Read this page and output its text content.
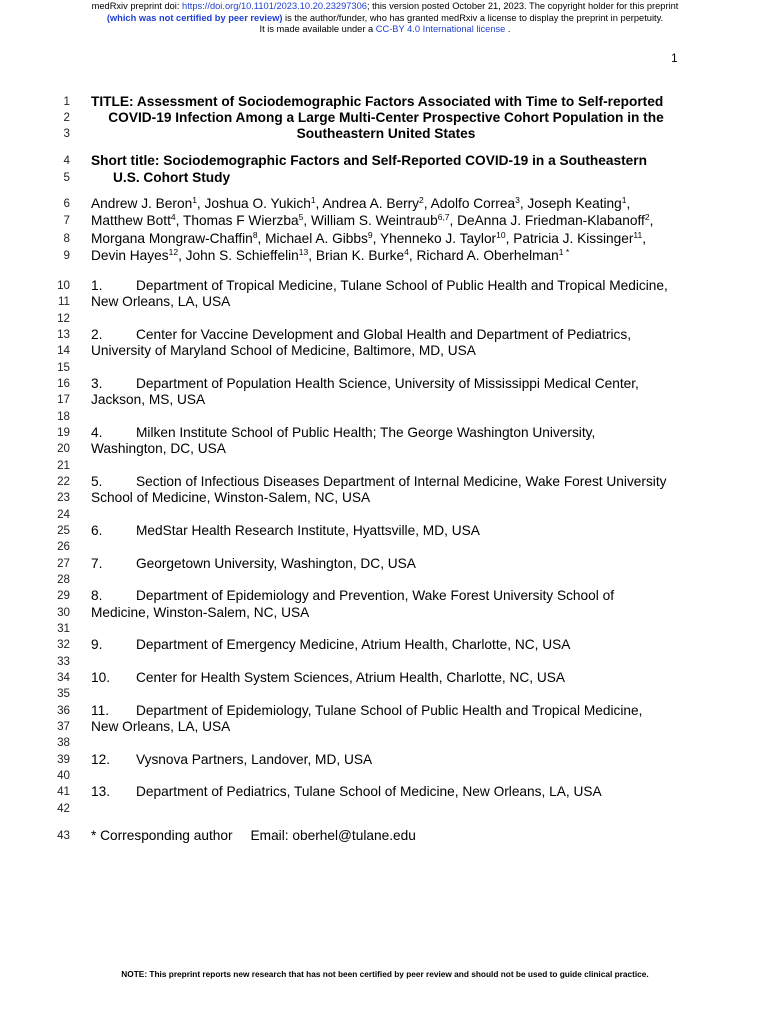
medRxiv preprint doi: https://doi.org/10.1101/2023.10.20.23297306; this version posted October 21, 2023. The copyright holder for this preprint
(which was not certified by peer review) is the author/funder, who has granted medRxiv a license to display the preprint in perpetuity.
It is made available under a CC-BY 4.0 International license .
1
1
2
3
4
5
6
7
8
9
10
11
12
13
14
15
16
17
18
19
20
21
22
23
24
25
26
27
28
29
30
31
32
33
34
35
36
37
38
39
40
41
42
43
TITLE: Assessment of Sociodemographic Factors Associated with Time to Self-reported
COVID-19 Infection Among a Large Multi-Center Prospective Cohort Population in the
Southeastern United States
Short title: Sociodemographic Factors and Self-Reported COVID-19 in a Southeastern
U.S. Cohort Study
Andrew J. Beron$^1$, Joshua O. Yukich$^1$, Andrea A. Berry$^2$, Adolfo Correa$^3$, Joseph Keating$^1$,
Matthew Bott$^4$, Thomas F Wierzba$^5$, William S. Weintraub$^{6,7}$, DeAnna J. Friedman-Klabanoff$^2$,
Morgana Mongraw-Chaffin$^8$, Michael A. Gibbs$^9$, Yhenneko J. Taylor$^{10}$, Patricia J. Kissinger$^{11}$,
Devin Hayes$^{12}$, John S. Schieffelin$^{13}$, Brian K. Burke$^4$, Richard A. Oberhelman$^{1 *}$
1. Department of Tropical Medicine, Tulane School of Public Health and Tropical Medicine,
New Orleans, LA, USA
2. Center for Vaccine Development and Global Health and Department of Pediatrics,
University of Maryland School of Medicine, Baltimore, MD, USA
3. Department of Population Health Science, University of Mississippi Medical Center,
Jackson, MS, USA
4. Milken Institute School of Public Health; The George Washington University,
Washington, DC, USA
5. Section of Infectious Diseases Department of Internal Medicine, Wake Forest University
School of Medicine, Winston-Salem, NC, USA
6. MedStar Health Research Institute, Hyattsville, MD, USA
7. Georgetown University, Washington, DC, USA
8. Department of Epidemiology and Prevention, Wake Forest University School of
Medicine, Winston-Salem, NC, USA
9. Department of Emergency Medicine, Atrium Health, Charlotte, NC, USA
10. Center for Health System Sciences, Atrium Health, Charlotte, NC, USA
11. Department of Epidemiology, Tulane School of Public Health and Tropical Medicine,
New Orleans, LA, USA
12. Vysnova Partners, Landover, MD, USA
13. Department of Pediatrics, Tulane School of Medicine, New Orleans, LA, USA
* Corresponding author Email: oberhel@tulane.edu
NOTE: This preprint reports new research that has not been certified by peer review and should not be used to guide clinical practice.
